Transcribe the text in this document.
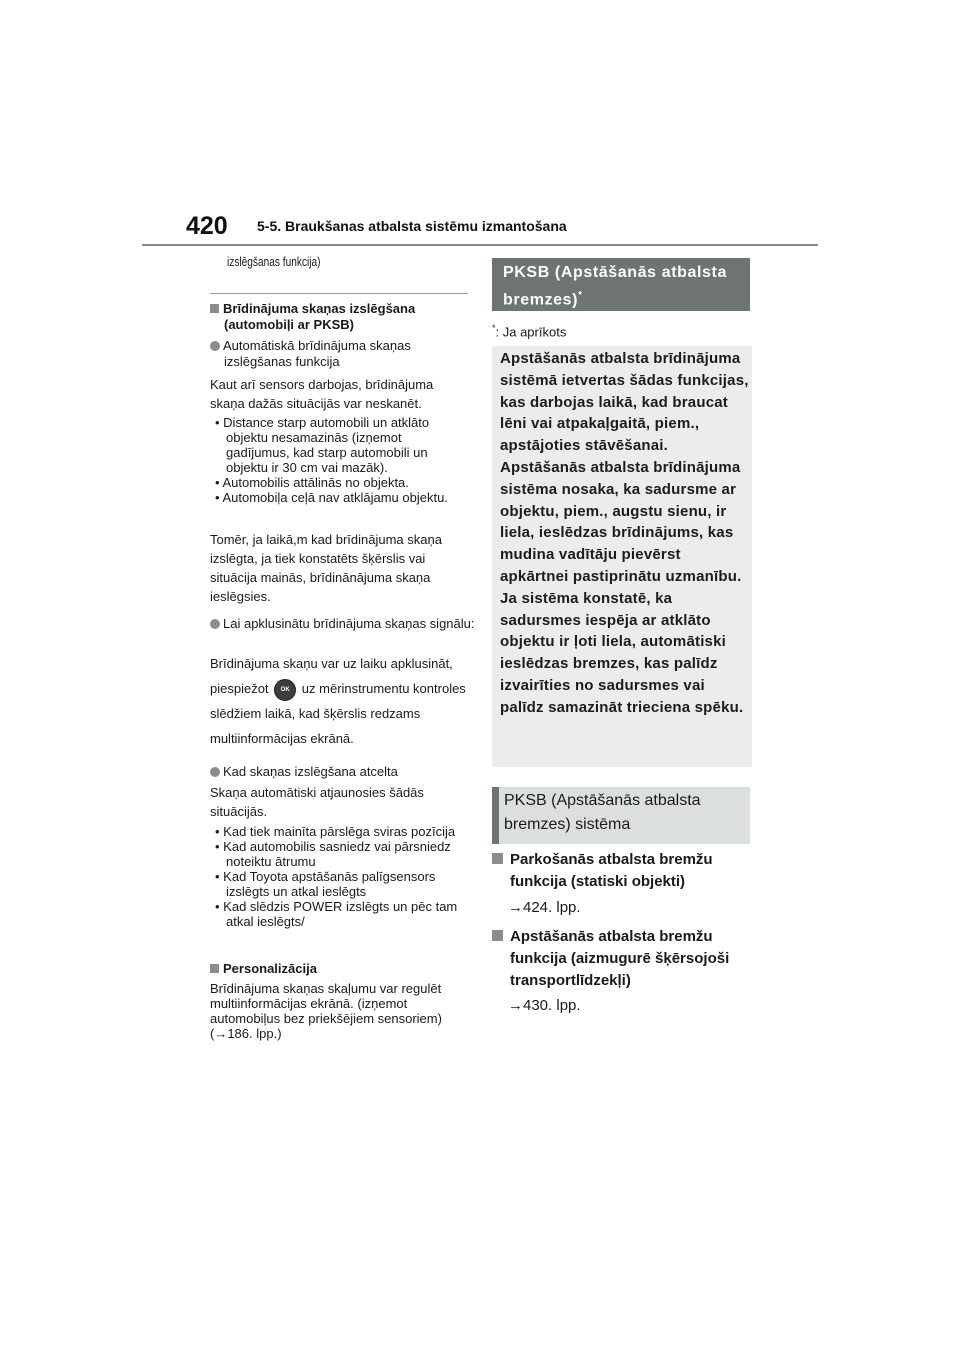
420 5-5. Braukšanas atbalsta sistēmu izmantošana
izslēgšanas funkcija)
Brīdinājuma skaņas izslēgšana (automobiļi ar PKSB)
Automātiskā brīdinājuma skaņas izslēgšanas funkcija
Kaut arī sensors darbojas, brīdinājuma skaņa dažās situācijās var neskanēt.
• Distance starp automobili un atklāto objektu nesamazinās (izņemot gadījumus, kad starp automobili un objektu ir 30 cm vai mazāk).
• Automobilis attālinās no objekta.
• Automobiļa ceļā nav atklājamu objektu.
Tomēr, ja laikā,m kad brīdinājuma skaņa izslēgta, ja tiek konstatēts šķērslis vai situācija mainās, brīdinānājuma skaņa ieslēgsies.
Lai apklusinātu brīdinājuma skaņas signālu:
Brīdinājuma skaņu var uz laiku apklusināt, piespiežot OK uz mērinstrumentu kontroles slēdžiem laikā, kad šķērslis redzams multiinformācijas ekrānā.
Kad skaņas izslēgšana atcelta
Skaņa automātiski atjaunosies šādās situācijās.
• Kad tiek mainīta pārslēga sviras pozīcija
• Kad automobilis sasniedz vai pārsniedz noteiktu ātrumu
• Kad Toyota apstāšanās palīgsensors izslēgts un atkal ieslēgts
• Kad slēdzis POWER izslēgts un pēc tam atkal ieslēgts/
Personalizācija
Brīdinājuma skaņas skaļumu var regulēt multiinformācijas ekrānā. (izņemot automobiļus bez priekšējiem sensoriem) (→186. lpp.)
PKSB (Apstāšanās atbalsta bremzes)*
*: Ja aprīkots
Apstāšanās atbalsta brīdinājuma sistēmā ietvertas šādas funkcijas, kas darbojas laikā, kad braucat lēni vai atpakaļgaitā, piem., apstājoties stāvēšanai. Apstāšanās atbalsta brīdinājuma sistēma nosaka, ka sadursme ar objektu, piem., augstu sienu, ir liela, ieslēdzas brīdinājums, kas mudina vadītāju pievērst apkārtnei pastiprinātu uzmanību. Ja sistēma konstatē, ka sadursmes iespēja ar atklāto objektu ir ļoti liela, automātiski ieslēdzas bremzes, kas palīdz izvairīties no sadursmes vai palīdz samazināt trieciena spēku.
PKSB (Apstāšanās atbalsta bremzes) sistēma
Parkošanās atbalsta bremžu funkcija (statiski objekti)
→424. lpp.
Apstāšanās atbalsta bremžu funkcija (aizmugurē šķērsojoši transportlīdzekļi)
→430. lpp.
